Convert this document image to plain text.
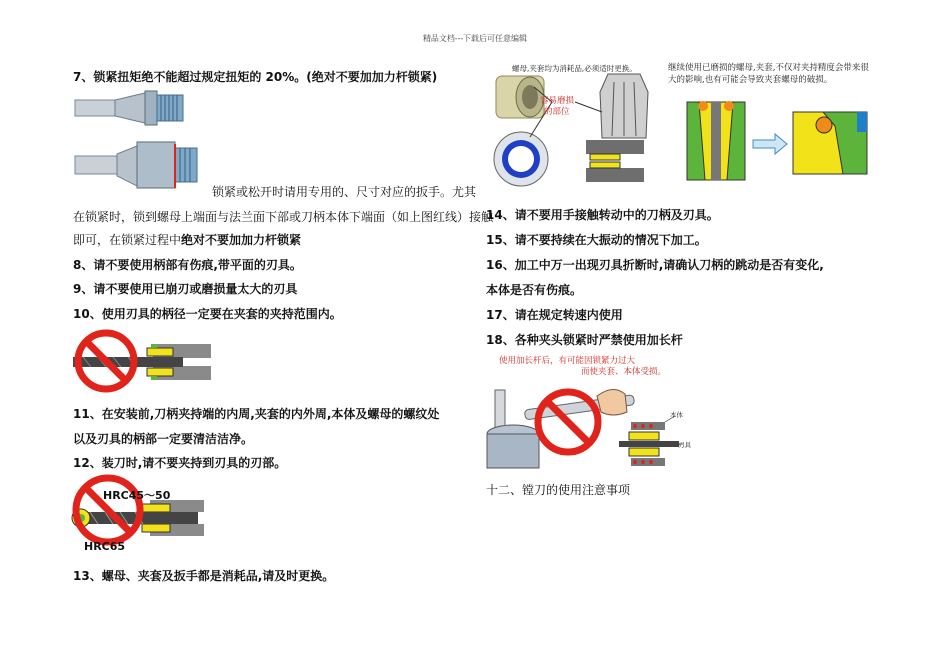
精品文档---下载后可任意编辑
7、锁紧扭矩绝不能超过规定扭矩的 20%。(绝对不要加加力杆锁紧)
锁紧或松开时请用专用的、尺寸对应的扳手。尤其
在锁紧时，锁到螺母上端面与法兰面下部或刀柄本体下端面（如上图红线）接触
即可，在锁紧过程中绝对不要加加力杆锁紧
8、请不要使用柄部有伤痕,带平面的刃具。
9、请不要使用已崩刃或磨损量太大的刃具
10、使用刃具的柄径一定要在夹套的夹持范围内。
11、在安装前,刀柄夹持端的内周,夹套的内外周,本体及螺母的螺纹处
以及刃具的柄部一定要清洁洁净。
12、装刀时,请不要夹持到刃具的刃部。
HRC45～50
HRC65
13、螺母、夹套及扳手都是消耗品,请及时更换。
螺母,夹套均为消耗品,必须适时更换。
容易磨损
的部位
继续使用已磨损的螺母,夹套,不仅对夹持精度会带来很大的影响,也有可能会导致夹套螺母的破损。
14、请不要用手接触转动中的刀柄及刃具。
15、请不要持续在大振动的情况下加工。
16、加工中万一出现刃具折断时,请确认刀柄的跳动是否有变化,
本体是否有伤痕。
17、请在规定转速内使用
18、各种夹头锁紧时严禁使用加长杆
使用加长杆后，有可能因锁紧力过大
而使夹套、本体受损。
本体
刃具
十二、镗刀的使用注意事项
